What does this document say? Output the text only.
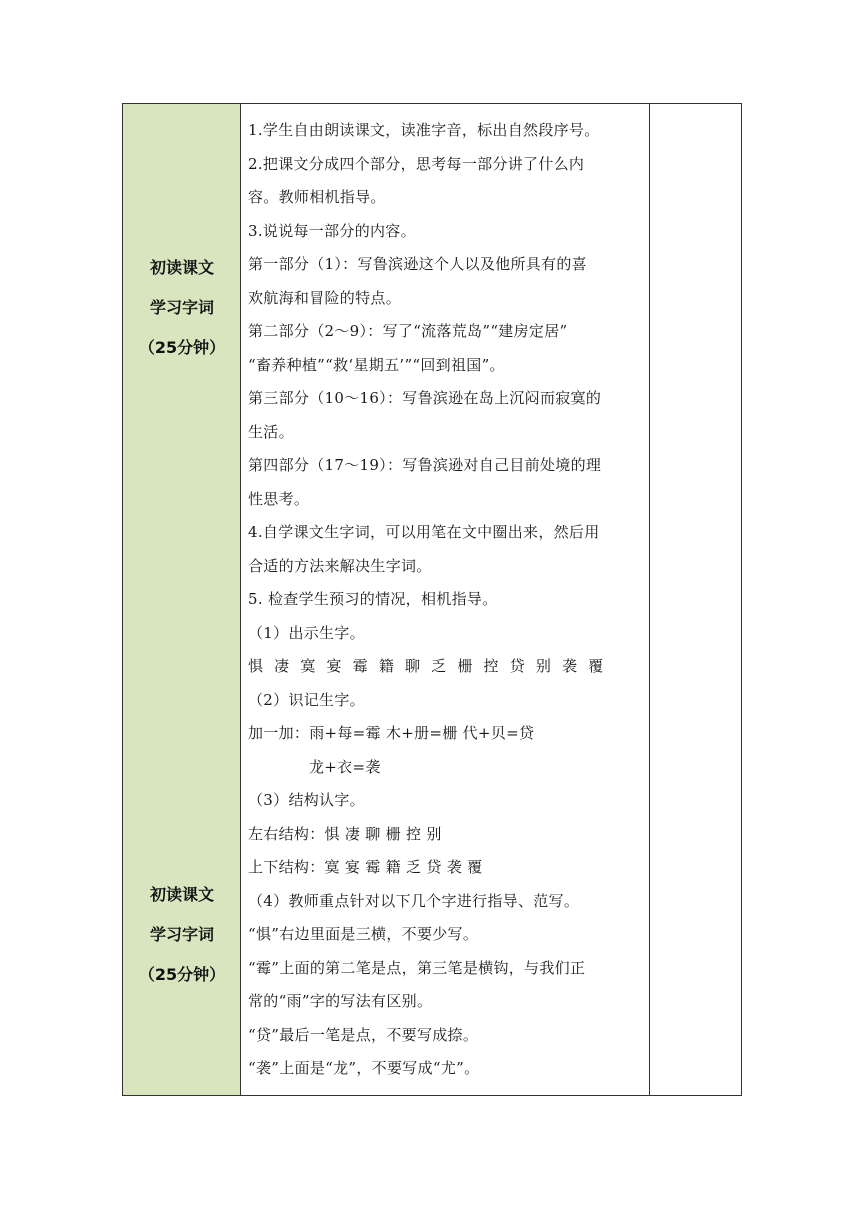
初读课文
学习字词
（25分钟）
初读课文
学习字词
（25分钟）
1.学生自由朗读课文，读准字音，标出自然段序号。
2.把课文分成四个部分，思考每一部分讲了什么内
容。教师相机指导。
3.说说每一部分的内容。
第一部分（1）：写鲁滨逊这个人以及他所具有的喜
欢航海和冒险的特点。
第二部分（2～9）：写了“流落荒岛”“建房定居”
“畜养种植”“救‘星期五’”“回到祖国”。
第三部分（10～16）：写鲁滨逊在岛上沉闷而寂寞的
生活。
第四部分（17～19）：写鲁滨逊对自己目前处境的理
性思考。
4.自学课文生字词，可以用笔在文中圈出来，然后用
合适的方法来解决生字词。
5. 检查学生预习的情况，相机指导。
（1）出示生字。
惧 凄 寞 宴 霉 籍 聊 乏 栅 控 贷 别 袭 覆
（2）识记生字。
加一加：雨+每=霉 木+册=栅 代+贝=贷
龙+衣=袭
（3）结构认字。
左右结构：惧 凄 聊 栅 控 别
上下结构：寞 宴 霉 籍 乏 贷 袭 覆
（4）教师重点针对以下几个字进行指导、范写。
“惧”右边里面是三横，不要少写。
“霉”上面的第二笔是点，第三笔是横钩，与我们正
常的“雨”字的写法有区别。
“贷”最后一笔是点，不要写成捺。
“袭”上面是“龙”，不要写成“尤”。
